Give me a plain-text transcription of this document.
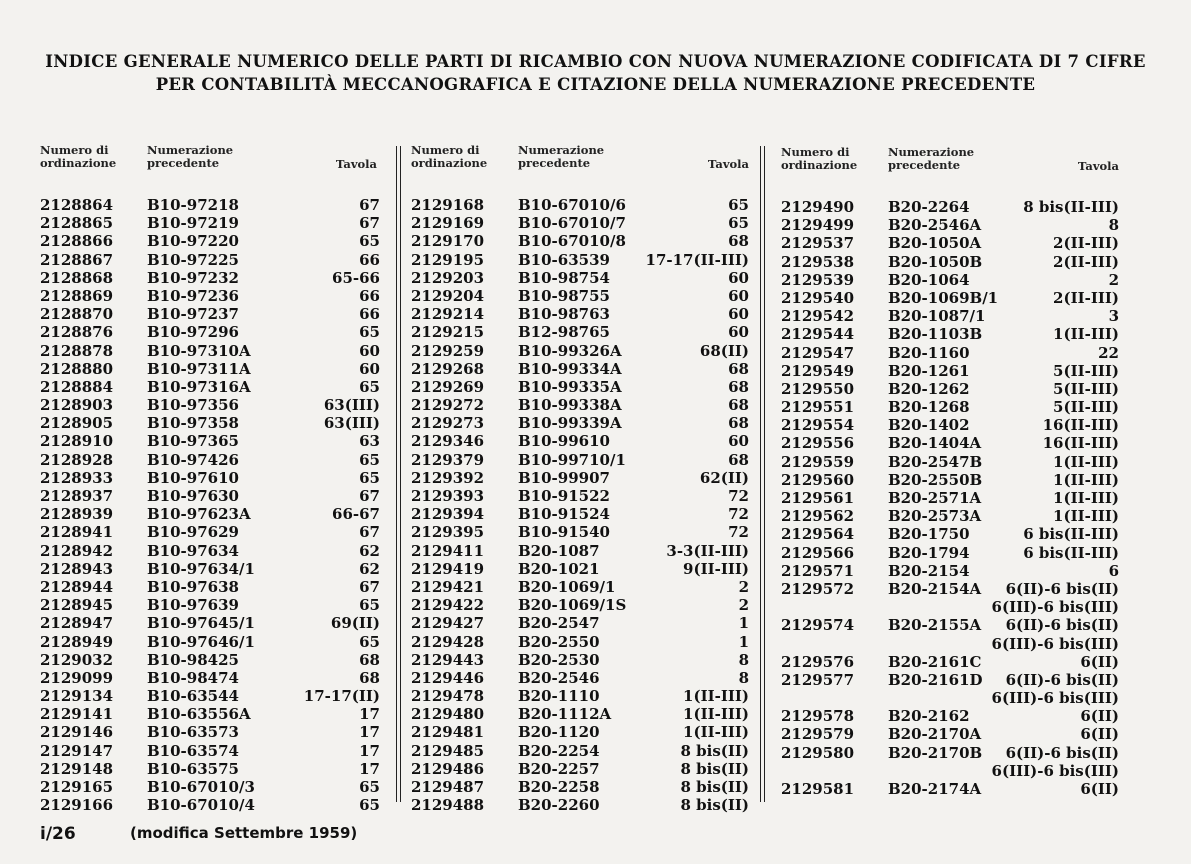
INDICE GENERALE NUMERICO DELLE PARTI DI RICAMBIO CON NUOVA NUMERAZIONE CODIFICATA DI 7 CIFRE
PER CONTABILITÀ MECCANOGRAFICA E CITAZIONE DELLA NUMERAZIONE PRECEDENTE
Numero di
ordinazione
Numerazione
precedente	Tavola
2128864 B10-97218	67
2128865 B10-97219	67
2128866 B10-97220	65
2128867 B10-97225	66
2128868 B10-97232	65-66
2128869 B10-97236	66
2128870 B10-97237	66
2128876 B10-97296	65
2128878 B10-97310A	60
2128880 B10-97311A	60
2128884 B10-97316A	65
2128903 B10-97356	63(III)
2128905 B10-97358	63(III)
2128910 B10-97365	63
2128928 B10-97426	65
2128933 B10-97610	65
2128937 B10-97630	67
2128939 B10-97623A	66-67
2128941 B10-97629	67
2128942 B10-97634	62
2128943 B10-97634/1	62
2128944 B10-97638	67
2128945 B10-97639	65
2128947 B10-97645/1	69(II)
2128949 B10-97646/1	65
2129032 B10-98425	68
2129099 B10-98474	68
2129134 B10-63544	17-17(II)
2129141 B10-63556A	17
2129146 B10-63573	17
2129147 B10-63574	17
2129148 B10-63575	17
2129165 B10-67010/3	65
2129166 B10-67010/4	65
Numero di
ordinazione
Numerazione
precedente	Tavola
2129168 B10-67010/6	65
2129169 B10-67010/7	65
2129170 B10-67010/8	68
2129195 B10-63539 17-17(II-III)
2129203 B10-98754	60
2129204 B10-98755	60
2129214 B10-98763	60
2129215 B12-98765	60
2129259 B10-99326A	68(II)
2129268 B10-99334A	68
2129269 B10-99335A	68
2129272 B10-99338A	68
2129273 B10-99339A	68
2129346 B10-99610	60
2129379 B10-99710/1	68
2129392 B10-99907	62(II)
2129393 B10-91522	72
2129394 B10-91524	72
2129395 B10-91540	72
2129411 B20-1087	3-3(II-III)
2129419 B20-1021	9(II-III)
2129421 B20-1069/1	2
2129422 B20-1069/1S	2
2129427 B20-2547	1
2129428 B20-2550	1
2129443 B20-2530	8
2129446 B20-2546	8
2129478 B20-1110	1(II-III)
2129480 B20-1112A	1(II-III)
2129481 B20-1120	1(II-III)
2129485 B20-2254	8 bis(II)
2129486 B20-2257	8 bis(II)
2129487 B20-2258	8 bis(II)
2129488 B20-2260	8 bis(II)
Numero di
ordinazione
Numerazione
precedente	Tavola
2129490 B20-2264	8 bis(II-III)
2129499 B20-2546A	8
2129537 B20-1050A	2(II-III)
2129538 B20-1050B	2(II-III)
2129539 B20-1064	2
2129540 B20-1069B/1	2(II-III)
2129542 B20-1087/1	3
2129544 B20-1103B	1(II-III)
2129547 B20-1160	22
2129549 B20-1261	5(II-III)
2129550 B20-1262	5(II-III)
2129551 B20-1268	5(II-III)
2129554 B20-1402	16(II-III)
2129556 B20-1404A	16(II-III)
2129559 B20-2547B	1(II-III)
2129560 B20-2550B	1(II-III)
2129561 B20-2571A	1(II-III)
2129562 B20-2573A	1(II-III)
2129564 B20-1750	6 bis(II-III)
2129566 B20-1794	6 bis(II-III)
2129571 B20-2154	6
2129572 B20-2154A 6(II)-6 bis(II)
6(III)-6 bis(III)
2129574 B20-2155A 6(II)-6 bis(II)
6(III)-6 bis(III)
2129576 B20-2161C	6(II)
2129577 B20-2161D 6(II)-6 bis(II)
6(III)-6 bis(III)
2129578 B20-2162	6(II)
2129579 B20-2170A	6(II)
2129580 B20-2170B 6(II)-6 bis(II)
6(III)-6 bis(III)
2129581 B20-2174A	6(II)
i/26	(modifica Settembre 1959)
